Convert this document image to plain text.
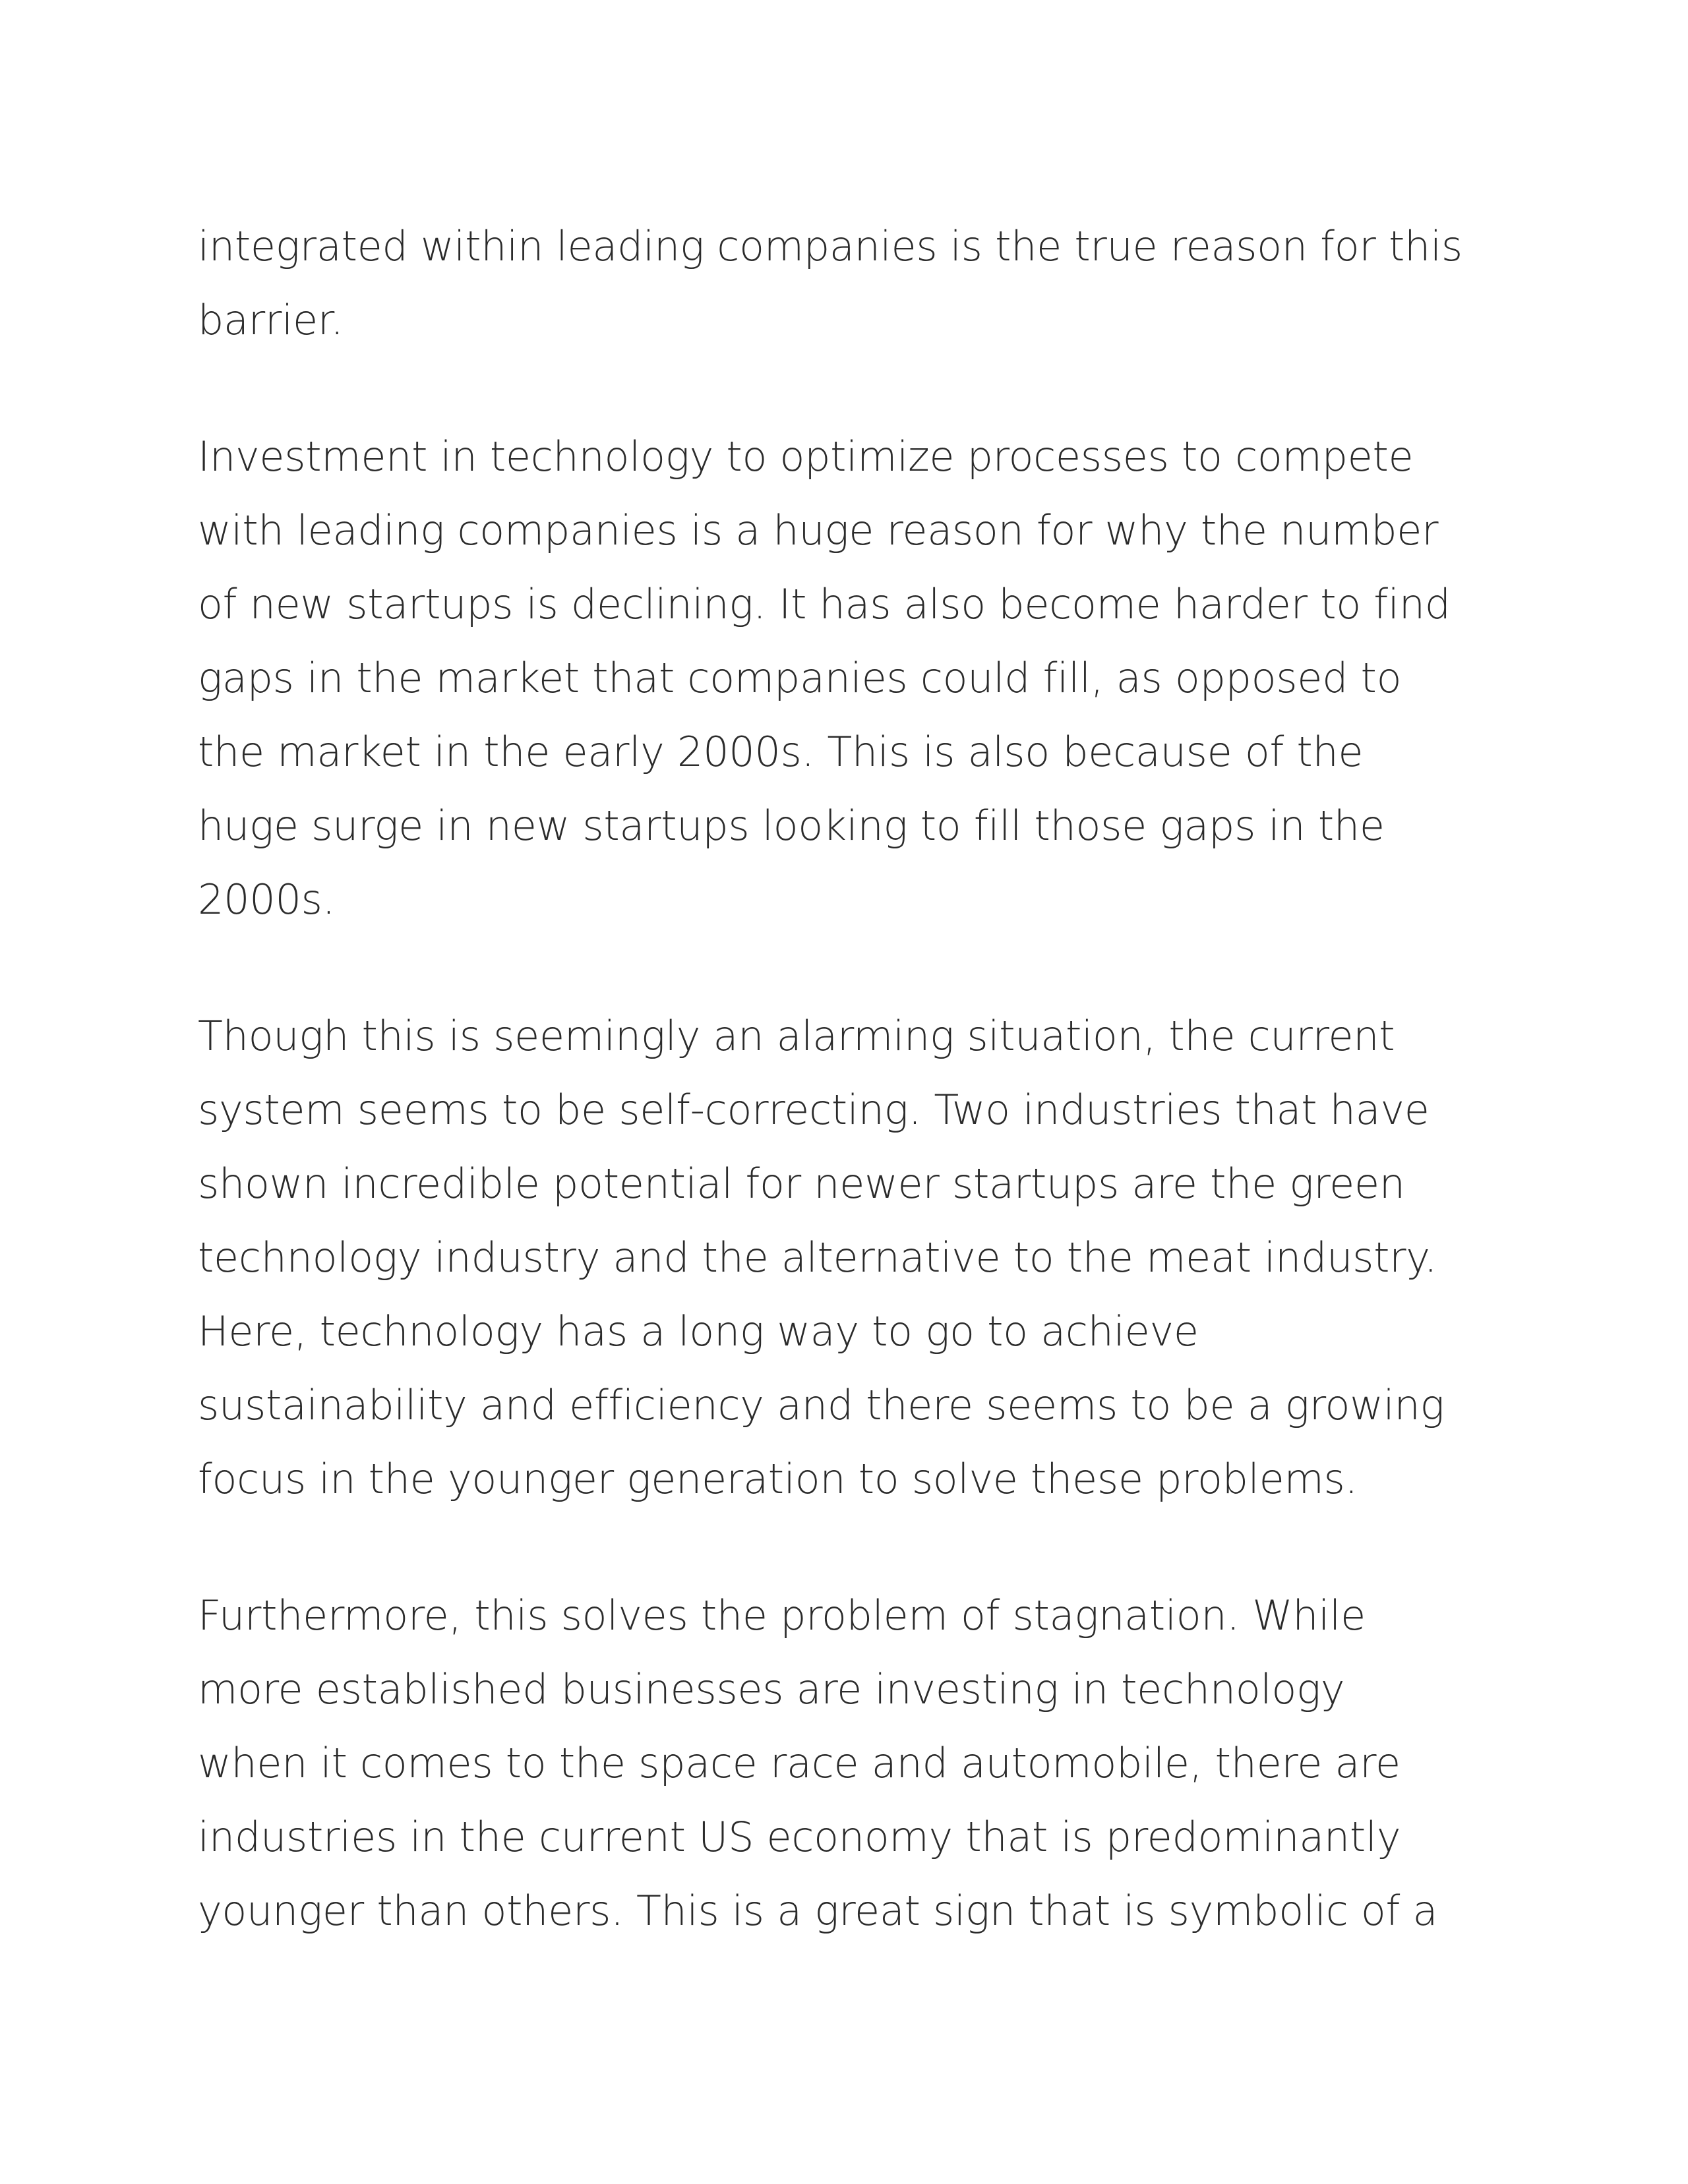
integrated within leading companies is the true reason for this
barrier.

Investment in technology to optimize processes to compete
with leading companies is a huge reason for why the number
of new startups is declining. It has also become harder to find
gaps in the market that companies could fill, as opposed to
the market in the early 2000s. This is also because of the
huge surge in new startups looking to fill those gaps in the
2000s.

Though this is seemingly an alarming situation, the current
system seems to be self-correcting. Two industries that have
shown incredible potential for newer startups are the green
technology industry and the alternative to the meat industry.
Here, technology has a long way to go to achieve
sustainability and efficiency and there seems to be a growing
focus in the younger generation to solve these problems.

Furthermore, this solves the problem of stagnation. While
more established businesses are investing in technology
when it comes to the space race and automobile, there are
industries in the current US economy that is predominantly
younger than others. This is a great sign that is symbolic of a
